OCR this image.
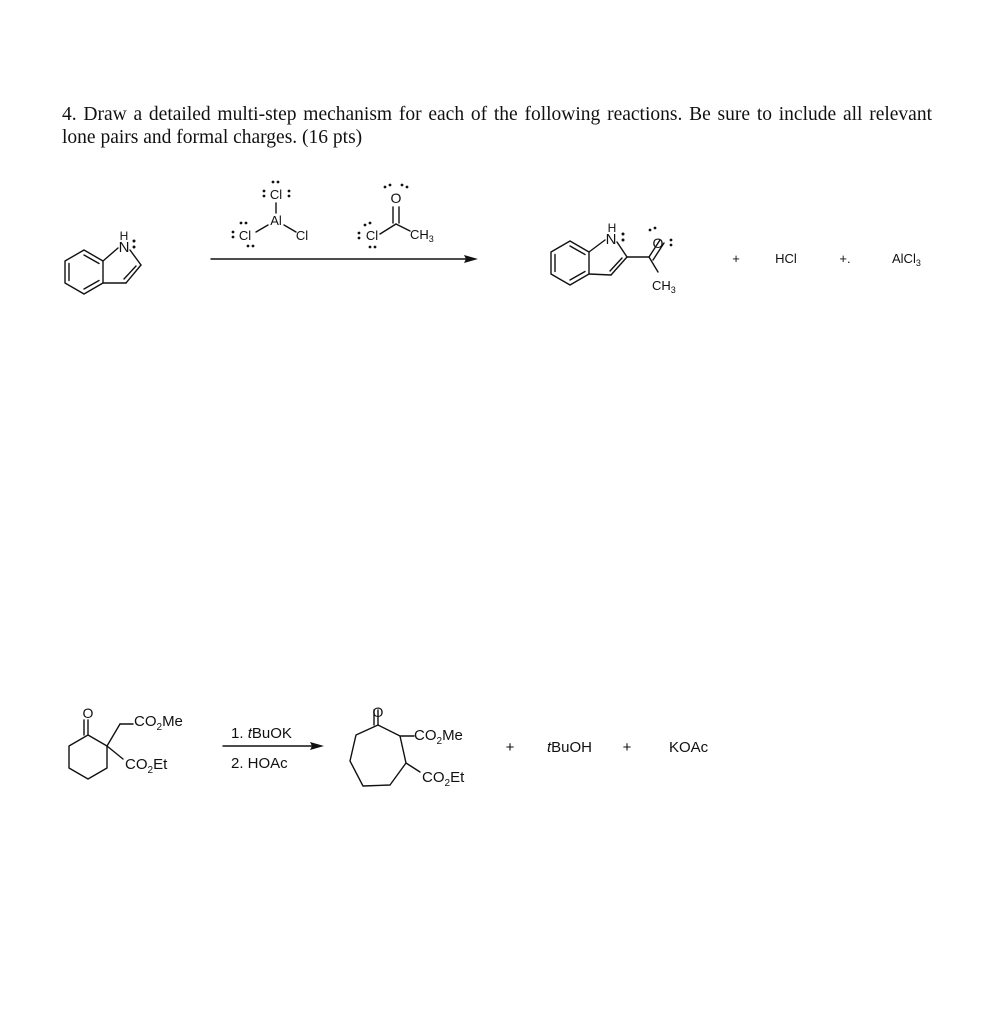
4. Draw a detailed multi-step mechanism for each of the following reactions. Be sure to include all relevant lone pairs and formal charges. (16 pts)
H
N
Cl
Al
Cl	Cl
O
Cl $CH_3$
H
N	O
$CH_3$
+	HCl	+.	AlCl$_3$
O	$CO_2Me$
$CO_2Et$
1. tBuOK
2. HOAc
O
$CO_2Me$
$CO_2Et$
+ tBuOH +	KOAc
